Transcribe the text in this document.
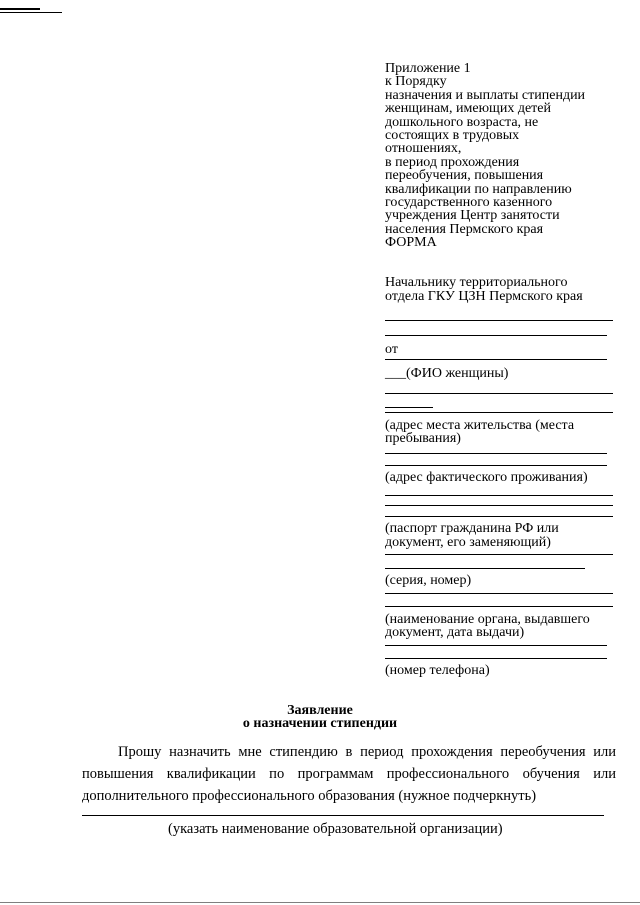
Приложение 1
к Порядку
назначения и выплаты стипендии
женщинам, имеющих детей
дошкольного возраста, не
состоящих в трудовых
отношениях,
в период прохождения
переобучения, повышения
квалификации по направлению
государственного казенного
учреждения Центр занятости
населения Пермского края
ФОРМА
Начальнику территориального
отдела ГКУ ЦЗН Пермского края
от
___(ФИО женщины)
(адрес места жительства (места
пребывания)
(адрес фактического проживания)
(паспорт гражданина РФ или
документ, его заменяющий)
(серия, номер)
(наименование органа, выдавшего
документ, дата выдачи)
(номер телефона)
Заявление
о назначении стипендии
Прошу назначить мне стипендию в период прохождения переобучения или
повышения квалификации по программам профессионального обучения или
дополнительного профессионального образования (нужное подчеркнуть)
(указать наименование образовательной организации)
